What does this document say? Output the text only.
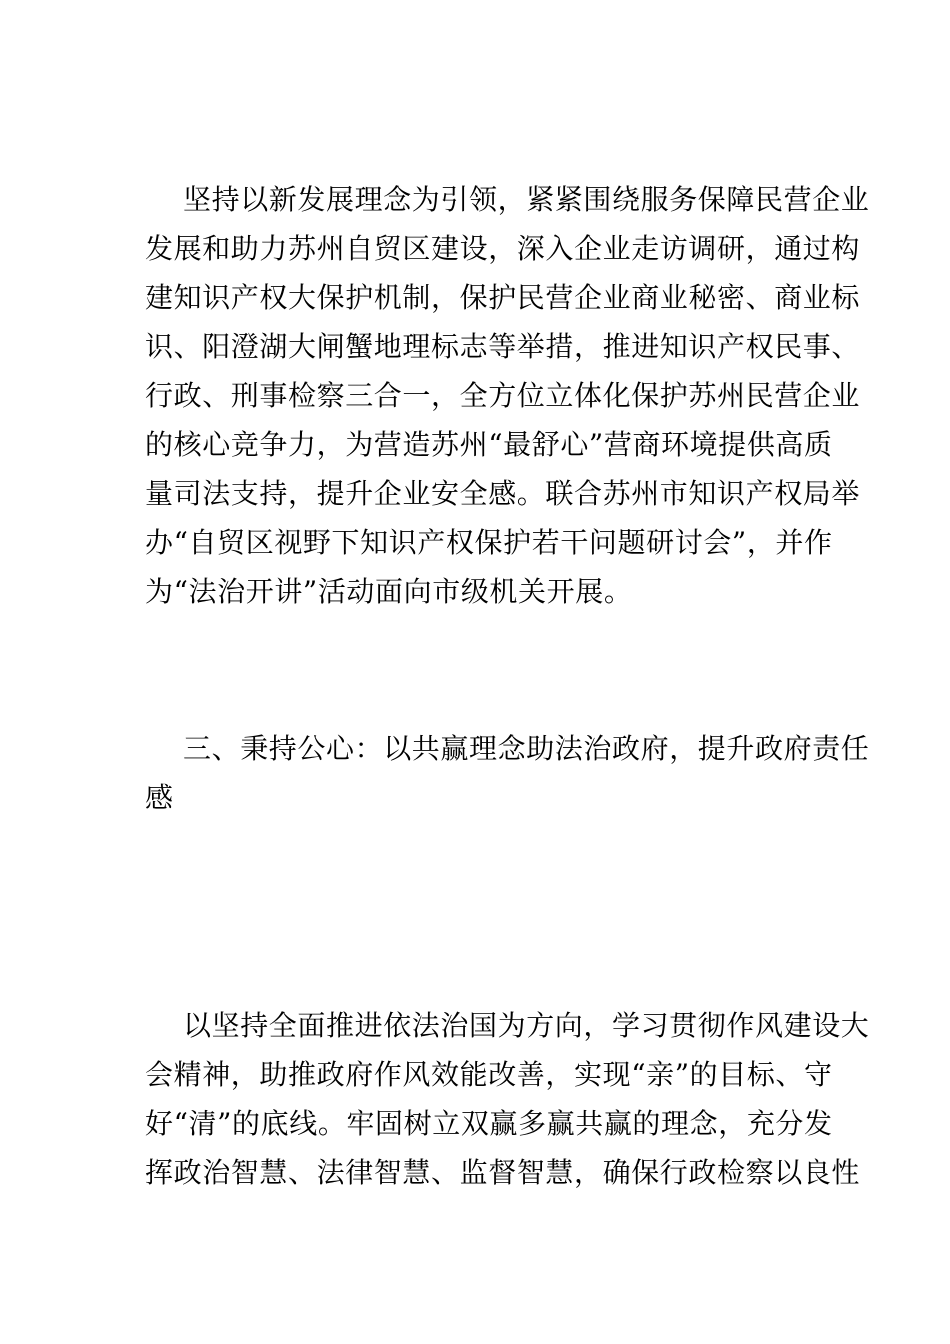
坚持以新发展理念为引领，紧紧围绕服务保障民营企业
发展和助力苏州自贸区建设，深入企业走访调研，通过构
建知识产权大保护机制，保护民营企业商业秘密、商业标
识、阳澄湖大闸蟹地理标志等举措，推进知识产权民事、
行政、刑事检察三合一，全方位立体化保护苏州民营企业
的核心竞争力，为营造苏州“最舒心”营商环境提供高质
量司法支持，提升企业安全感。联合苏州市知识产权局举
办“自贸区视野下知识产权保护若干问题研讨会”，并作
为“法治开讲”活动面向市级机关开展。

三、秉持公心：以共赢理念助法治政府，提升政府责任
感

以坚持全面推进依法治国为方向，学习贯彻作风建设大
会精神，助推政府作风效能改善，实现“亲”的目标、守
好“清”的底线。牢固树立双赢多赢共赢的理念，充分发
挥政治智慧、法律智慧、监督智慧，确保行政检察以良性
